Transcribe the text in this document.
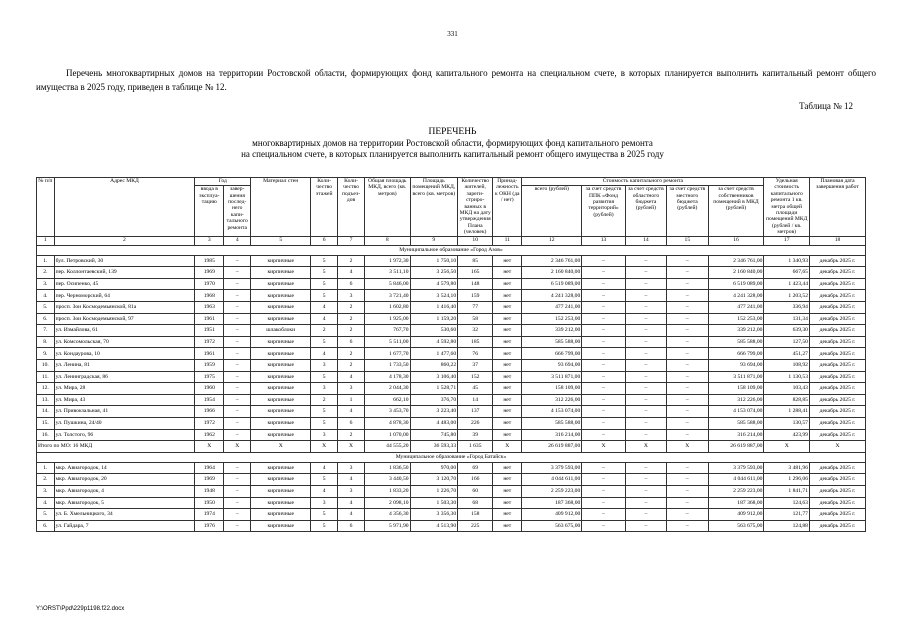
331
Перечень многоквартирных домов на территории Ростовской области, формирующих фонд капитального ремонта на специальном счете, в которых планируется выполнить капитальный ремонт общего имущества в 2025 году, приведен в таблице № 12.
Таблица № 12
ПЕРЕЧЕНЬ
многоквартирных домов на территории Ростовской области, формирующих фонд капитального ремонта
на специальном счете, в которых планируется выполнить капитальный ремонт общего имущества в 2025 году
№ п/п	Адрес МКД	Год		Материал стен	Количество этажей	Количество подъездов	Общая площадь МКД, всего (кв. метров)	Площадь помещений МКД, всего (кв. метров)	Количество жителей, зарегистрированных в МКД на дату утверждения Плана (человек)	Принадлежность к ОКН (да / нет)	Стоимость капитального ремонта					Удельная стоимость капитального ремонта 1 кв. метра общей площади помещений МКД (рублей / кв. метров)	Плановая дата завершения работ
		ввода в эксплуатацию	завершения последнего капитального ремонта								всего (рублей)	за счет средств ППК «Фонд развития территорий» (рублей)	за счет средств областного бюджета (рублей)	за счет средств местного бюджета (рублей)	за счет средств собственников помещений в МКД (рублей)		
1	2	3	4	5	6	7	8	9	10	11	12	13	14	15	16	17	18
Муниципальное образование «Город Азов»																	
1.	бул. Петровский, 30	1985	–	кирпичные	5	2	1 972,30	1 750,10	85	нет	2 346 761,00	–	–	–	2 346 761,00	1 340,93	декабрь 2025 г.
2.	пер. Коллонтаевский, 139	1969	–	кирпичные	5	4	3 511,10	3 256,50	165	нет	2 160 840,00	–	–	–	2 160 840,00	667,65	декабрь 2025 г.
3.	пер. Осипенко, 45	1970	–	кирпичные	5	6	5 846,00	4 579,80	148	нет	6 519 089,00	–	–	–	6 519 089,00	1 423,44	декабрь 2025 г.
4.	пер. Черноморский, 64	1968	–	кирпичные	5	3	3 721,40	3 524,10	159	нет	4 241 328,00	–	–	–	4 241 328,00	1 203,52	декабрь 2025 г.
5.	просп. Зои Космодемьянской, 81а	1963	–	кирпичные	4	2	1 602,80	1 416,40	77	нет	477 241,00	–	–	–	477 241,00	336,94	декабрь 2025 г.
6.	просп. Зои Космодемьянской, 97	1961	–	кирпичные	4	2	1 925,00	1 159,20	58	нет	152 253,00	–	–	–	152 253,00	131,34	декабрь 2025 г.
7.	ул. Измайлова, 61	1951	–	шлакоблоки	2	2	767,70	530,60	32	нет	339 212,00	–	–	–	339 212,00	639,30	декабрь 2025 г.
8.	ул. Комсомольская, 70	1972	–	кирпичные	5	6	5 511,00	4 592,80	185	нет	585 588,00	–	–	–	585 588,00	127,50	декабрь 2025 г.
9.	ул. Кондаурова, 10	1961	–	кирпичные	4	2	1 677,70	1 477,60	76	нет	666 799,00	–	–	–	666 799,00	451,27	декабрь 2025 г.
10.	ул. Ленина, 81	1959	–	кирпичные	3	2	1 733,50	860,22	37	нет	93 694,00	–	–	–	93 694,00	108,92	декабрь 2025 г.
11.	ул. Ленинградская, 86	1975	–	кирпичные	5	4	4 178,30	3 106,40	152	нет	3 511 871,00	–	–	–	3 511 871,00	1 130,53	декабрь 2025 г.
12.	ул. Мира, 28	1960	–	кирпичные	3	3	2 044,30	1 528,71	45	нет	158 109,00	–	–	–	158 109,00	103,43	декабрь 2025 г.
13.	ул. Мира, 43	1954	–	кирпичные	2	1	662,10	376,70	14	нет	312 226,00	–	–	–	312 226,00	828,85	декабрь 2025 г.
14.	ул. Привокзальная, 41	1966	–	кирпичные	5	4	3 453,70	3 223,40	137	нет	4 153 074,00	–	–	–	4 153 074,00	1 288,41	декабрь 2025 г.
15.	ул. Пушкина, 24/40	1972	–	кирпичные	5	6	4 878,30	4 483,00	226	нет	585 588,00	–	–	–	585 588,00	130,57	декабрь 2025 г.
16.	ул. Толстого, 96	1962	–	кирпичные	3	2	1 070,00	745,80	39	нет	316 214,00	–	–	–	316 214,00	423,99	декабрь 2025 г.
Итого по МО: 16 МКД		X	X	X	X	X	44 555,20	36 593,33	1 635	X	26 619 887,00	X	X	X	26 619 887,00	X	X
Муниципальное образование «Город Батайск»																	
1.	мкр. Авиагородок, 14	1964	–	кирпичные	4	3	1 836,50	970,00	69	нет	3 379 593,00	–	–	–	3 379 593,00	3 481,96	декабрь 2025 г.
2.	мкр. Авиагородок, 20	1969	–	кирпичные	5	4	3 440,50	3 120,70	166	нет	4 044 611,00	–	–	–	4 044 611,00	1 296,06	декабрь 2025 г.
3.	мкр. Авиагородок, 4	1948	–	кирпичные	4	3	1 833,20	1 226,70	60	нет	2 259 223,00	–	–	–	2 259 223,00	1 841,71	декабрь 2025 г.
4.	мкр. Авиагородок, 5	1950	–	кирпичные	3	4	2 098,10	1 503,30	68	нет	187 368,00	–	–	–	187 368,00	124,63	декабрь 2025 г.
5.	ул. Б. Хмельницкого, 34	1974	–	кирпичные	5	4	4 356,30	3 356,30	158	нет	409 912,00	–	–	–	409 912,00	121,77	декабрь 2025 г.
6.	ул. Гайдара, 7	1976	–	кирпичные	5	6	5 971,90	4 513,90	225	нет	563 675,00	–	–	–	563 675,00	124,88	декабрь 2025 г.
Y:\ORST\Ppd\229p1198.f22.docx
